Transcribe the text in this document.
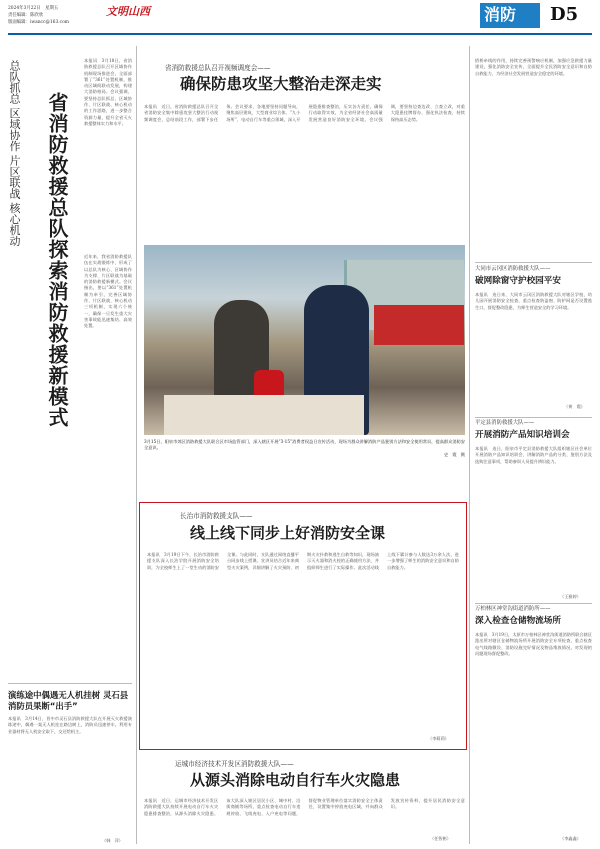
2024年3月22日　星期五
责任编辑：陈欣欣
版面编辑：iwancc@163.com
文明山西	消防 D5
总队抓总 区域协作 片区联战 核心机动 省消防救援总队探索消防救援新模式
本报讯　3月18日，省消防救援总队召开区域协作机制现场推进会，全面部署了“361”处置机制，推动区域间联动发展，构建大消防格局。会议强调，要坚持总队抓总、区域协作、片区联战、核心机动的工作思路，进一步整合资源力量，提升全省灭火救援整体实力和水平。
近年来，我省消防救援队伍在实战锻炼中，形成了以总队为核心、区域协作为支撑、片区联战为基础的消防救援新模式。会议指出，要以“361”处置机制为牵引，完善区域协作、片区联战、核心机动三项机制，实现六个统一，确保一旦发生重大灾害事故能迅速集结、高效处置。
演练途中偶遇无人机挂树 灵石县消防员果断“出手”
本报讯　3月14日，晋中市灵石县消防救援大队在开展灭火救援演练途中，偶遇一架无人机挂在路边树上，消防员迅速停车，利用专业器材将无人机安全取下，交还给机主。
（韩　萍）
省消防救援总队召开视频调度会——
确保防患攻坚大整治走深走实
本报讯　近日，省消防救援总队召开全省消防安全集中除患攻坚大整治行动视频调度会，总结前段工作，部署下步任务。会议要求，各地要坚持问题导向，聚焦高层建筑、大型商业综合体、“九小场所”、电动自行车等重点领域，深入开展隐患排查整治，压实各方责任，确保行动取得实效，为全省经济社会高质量发展营造良好消防安全环境。会议强调，要坚持边查边改、立查立改，对重大隐患挂牌督办，强化执法检查，持续保持高压态势。
3月15日，阳泉市郊区消防救援大队联合区市场监管部门，深入辖区开展“3·15”消费者权益日宣传活动，现场为群众讲解消防产品鉴别方法和安全使用常识，提高群众消防安全意识。
史　霞　摄
长治市消防救援支队——
线上线下同步上好消防安全课
本报讯　3月19日下午，长治市消防救援支队深入长治学院开展消防安全培训，为全校师生上了一堂生动的消防安全课。与此同时，支队通过网络直播平台同步线上授课。宣讲员结合近年来典型火灾案例，详细讲解了火灾预防、初期火灾扑救和逃生自救等知识，现场演示灭火器和消火栓的正确使用方法，并组织师生进行了实际操作。此次活动线上线下累计参与人数达3万余人次，进一步增强了师生的消防安全意识和自防自救能力。
（李莉莉）
运城市经济技术开发区消防救援大队——
从源头消除电动自行车火灾隐患
本报讯　近日，运城市经济技术开发区消防救援大队持续开展电动自行车火灾隐患排查整治，从源头消除火灾隐患。该大队深入辖区居民小区、城中村、沿街商铺等场所，重点检查电动自行车违规停放、飞线充电、入户充电等问题，督促物业管理单位落实消防安全主体责任，设置集中停放充电区域，并向群众发放宣传资料，提升居民消防安全意识。
（任智彬）
搭桥牵线的作用，持续完善预警响应机制，加强应急救援力量建设，强化消防安全宣传，全面提升全民消防安全意识和自防自救能力，为经济社会发展营造安全稳定的环境。
大同市云冈区消防救援大队——
破网除窗守护校园平安
本报讯　连日来，大同市云冈区消防救援大队对辖区学校、幼儿园开展消防安全检查，重点检查防盗窗、防护网是否设置逃生口，督促整改隐患，为师生营造安全的学习环境。
（黄　霞）
平定县消防救援大队——
开展消防产品知识培训会
本报讯　连日，阳泉市平定县消防救援大队组织辖区社会单位开展消防产品知识培训会，讲解消防产品的分类、鉴别方法及选购注意事项，帮助参训人员提升辨识能力。
（王雅婷）
万柏林区神堂沟街道消防所——
深入检查仓储物流场所
本报讯　3月19日，太原市万柏林区神堂沟街道消防所联合辖区派出所对辖区仓储物流场所开展消防安全专项检查，重点检查电气线路敷设、消防设施完好情况及物品堆放情况，对发现的问题现场督促整改。
（李鑫鑫）
